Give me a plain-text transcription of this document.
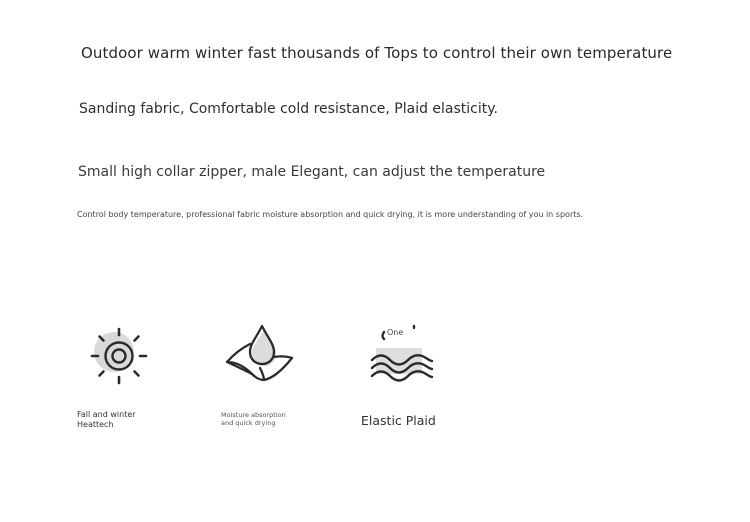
Outdoor warm winter fast thousands of Tops to control their own temperature
Sanding fabric, Comfortable cold resistance, Plaid elasticity.
Small high collar zipper, male Elegant, can adjust the temperature
Control body temperature, professional fabric moisture absorption and quick drying, it is more understanding of you in sports.
Fall and winter
Heattech
Moisture absorption
and quick drying
One
Elastic Plaid
